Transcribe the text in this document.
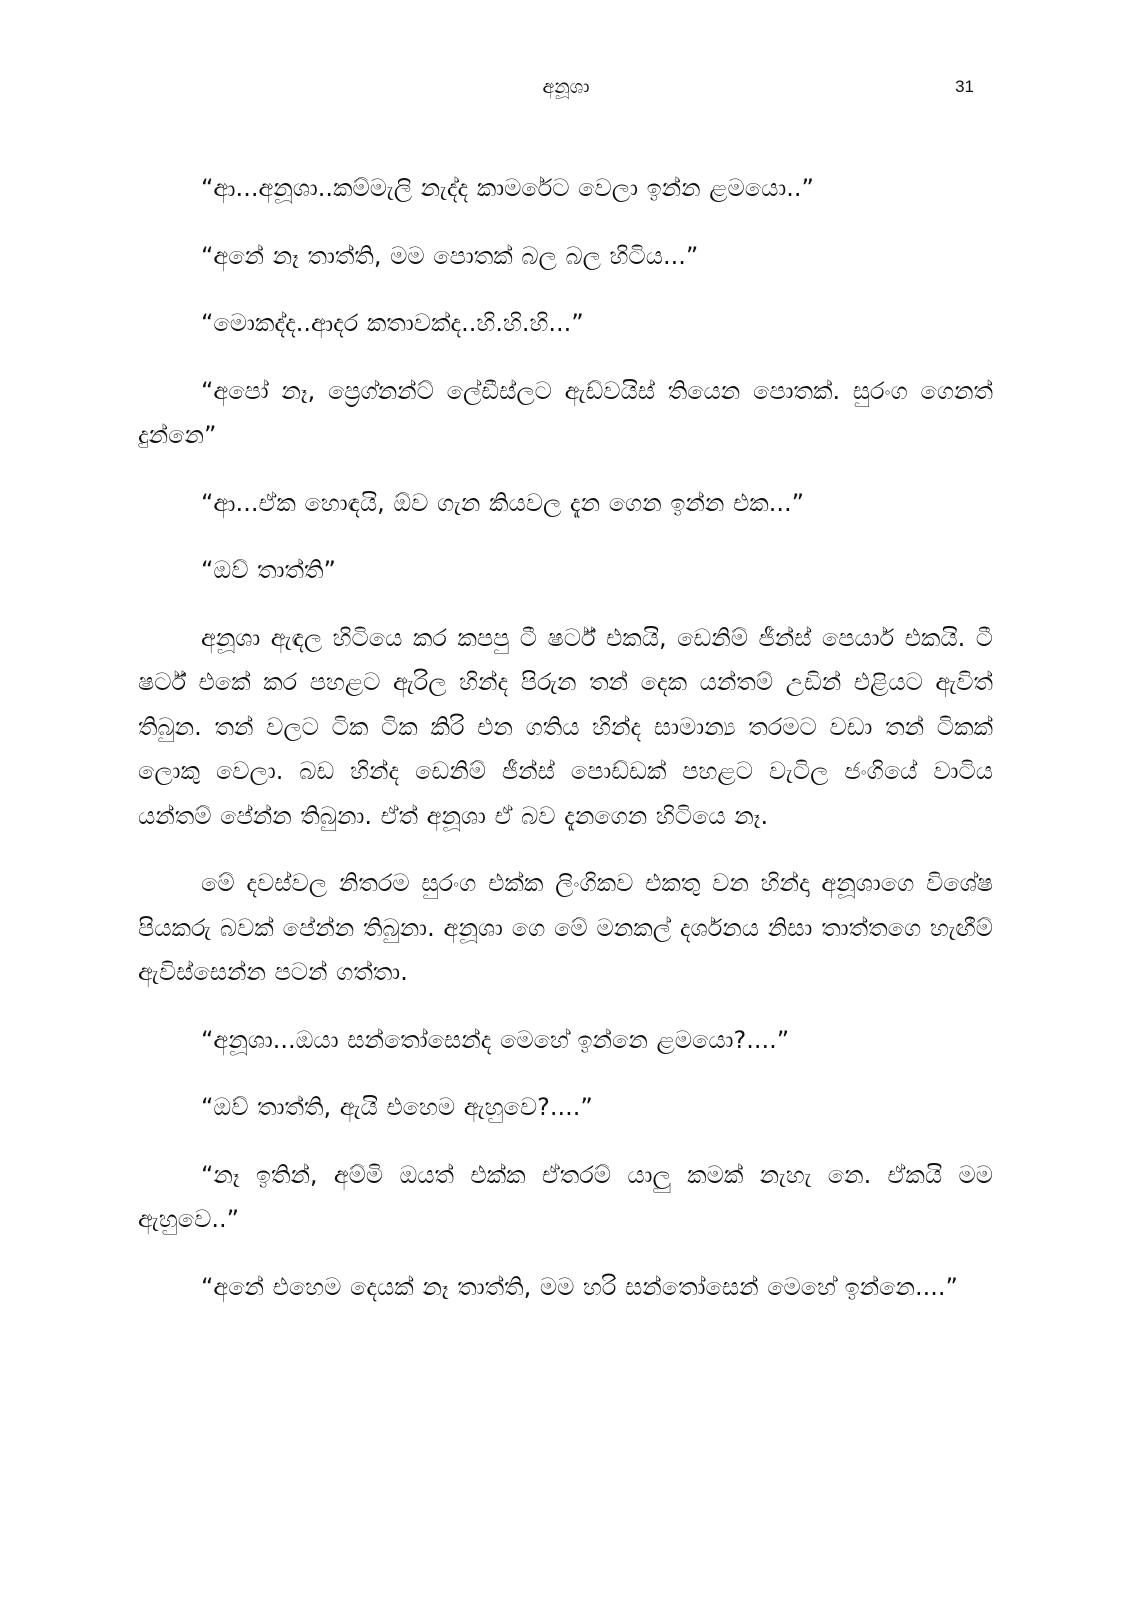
අනූශා	31

“ආ...අනූශා..කම්මැලි නැද්ද කාමරේට වෙලා ඉන්න ළමයො..”

“අනේ නෑ තාත්ති, මම පොතක් බල බල හිටිය...”

“මොකද්ද..ආදර කතාවක්ද..හි.හි.හි...”

“අපෝ නෑ, ප්‍රෙග්නන්ට් ලේඩීස්ලට ඇඩ්වයිස් තියෙන පොතක්. සුරංග ගෙනත් දුන්නෙ”

“ආ...ඒක හොඳයි, ඕව ගැන කියවල දැන ගෙන ඉන්න එක...”

“ඔව් තාත්ති”

අනූශා ඇඳල හිටියෙ කර කපපු ටී ෂර්ට් එකයි, ඩෙනිම් ජීන්ස් පෙයාර් එකයි. ටී ෂර්ට් එකේ කර පහළට ඇරිල හින්ද පිරුන තන් දෙක යන්තම් උඩින් එළියට ඇවිත් තිබුන. තන් වලට ටික ටික කිරි එන ගතිය හින්ද සාමාන්‍ය තරමට වඩා තන් ටිකක් ලොකු වෙලා. බඩ හින්ද ඩෙනිම් ජීන්ස් පොඩ්ඩක් පහළට වැටිල ජංගියේ වාටිය යන්තම් පේන්න තිබුනා. ඒත් අනූශා ඒ බව දැනගෙන හිටියෙ නෑ.

මේ දවස්වල නිතරම සුරංග එක්ක ලිංගිකව එකතු වන හින්දා අනූශාගෙ විශේෂ පියකරු බවක් පේන්න තිබුනා. අනූශා ගෙ මේ මනකල් දර්ශනය නිසා තාත්තගෙ හැඟීම් ඇවිස්සෙන්න පටන් ගත්තා.

“අනූශා...ඔයා සන්තෝසෙන්ද මෙහේ ඉන්නෙ ළමයො?....”

“ඔව් තාත්ති, ඇයි එහෙම ඇහුවෙ?....”

“නෑ ඉතින්, අම්මි ඔයත් එක්ක ඒතරම් යාලු කමක් නැහැ නෙ. ඒකයි මම ඇහුවෙ..”

“අනේ එහෙම දෙයක් නෑ තාත්ති, මම හරි සන්තෝසෙන් මෙහේ ඉන්නෙ....”
